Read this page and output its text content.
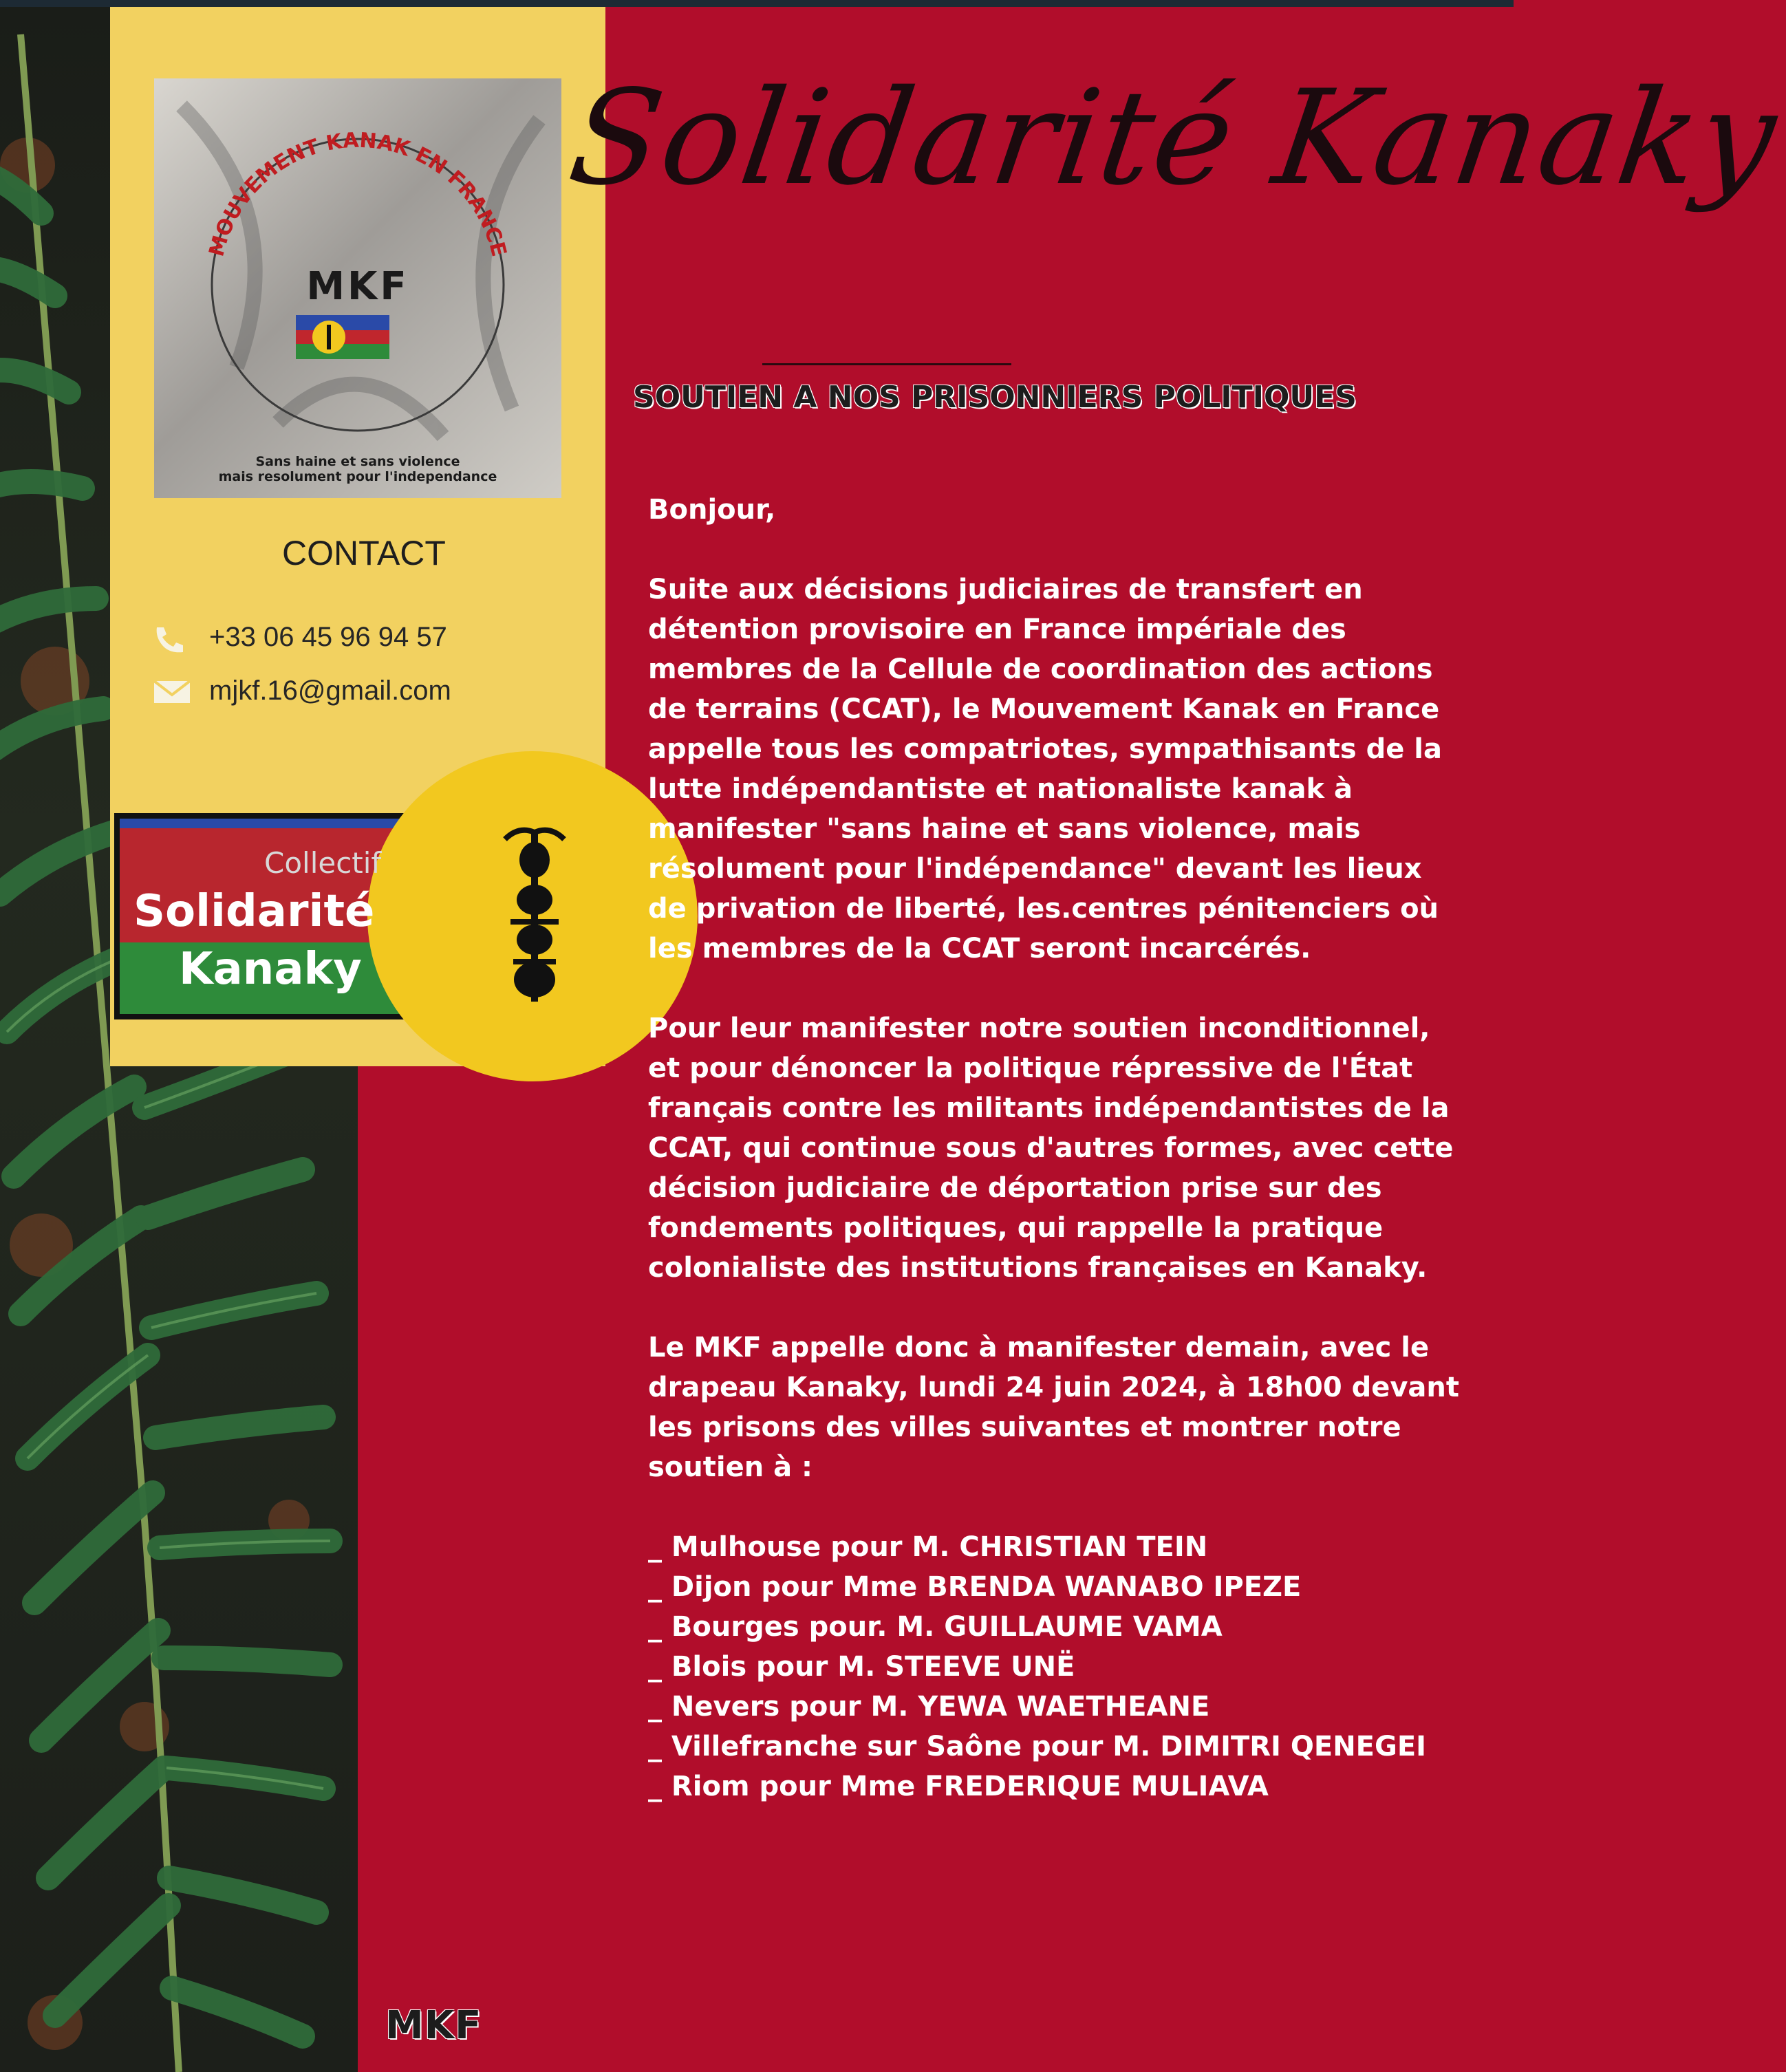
MOUVEMENT KANAK EN FRANCE
MKF
Sans haine et sans violence
mais resolument pour l'independance
CONTACT
+33 06 45 96 94 57
mjkf.16@gmail.com
Collectif
Solidarité
Kanaky
Solidarité Kanaky
SOUTIEN A NOS PRISONNIERS POLITIQUES

Bonjour,

Suite aux décisions judiciaires de transfert en détention provisoire en France impériale des membres de la Cellule de coordination des actions de terrains (CCAT), le Mouvement Kanak en France appelle tous les compatriotes, sympathisants de la lutte indépendantiste et nationaliste kanak à manifester "sans haine et sans violence, mais résolument pour l'indépendance" devant les lieux de privation de liberté, les.centres pénitenciers où les membres de la CCAT seront incarcérés.

Pour leur manifester notre soutien inconditionnel, et pour dénoncer la politique répressive de l'État français contre les militants indépendantistes de la CCAT, qui continue sous d'autres formes, avec cette décision judiciaire de déportation prise sur des fondements politiques, qui rappelle la pratique colonialiste des institutions françaises en Kanaky.

Le MKF appelle donc à manifester demain, avec le drapeau Kanaky, lundi 24 juin 2024, à 18h00 devant les prisons des villes suivantes et montrer notre soutien à :

_ Mulhouse pour M. CHRISTIAN TEIN

_ Dijon pour Mme BRENDA WANABO IPEZE

_ Bourges pour. M. GUILLAUME VAMA

_ Blois pour M. STEEVE UNË

_ Nevers pour M. YEWA WAETHEANE

_ Villefranche sur Saône pour M. DIMITRI QENEGEI

_ Riom pour Mme FREDERIQUE MULIAVA

MKF
